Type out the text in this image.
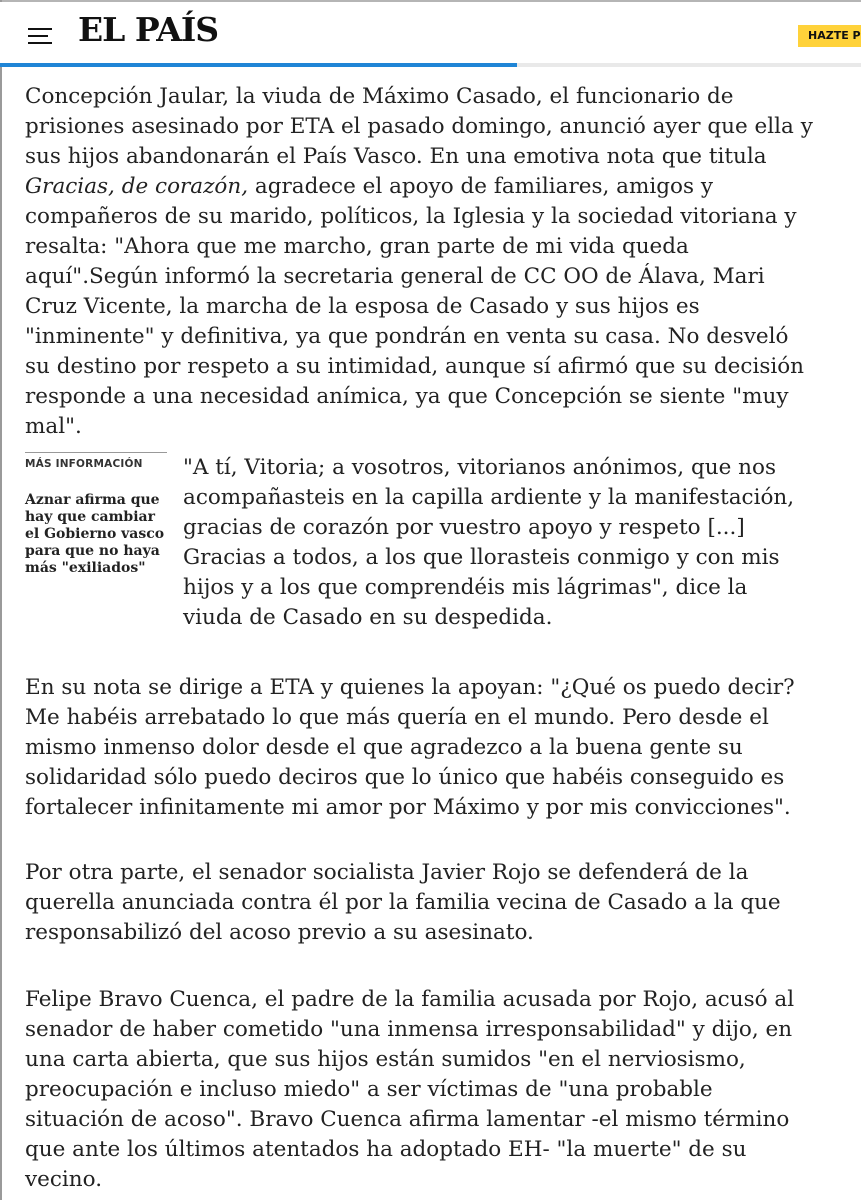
EL PAÍS	HAZTE P

Concepción Jaular, la viuda de Máximo Casado, el funcionario de prisiones asesinado por ETA el pasado domingo, anunció ayer que ella y sus hijos abandonarán el País Vasco. En una emotiva nota que titula Gracias, de corazón, agradece el apoyo de familiares, amigos y compañeros de su marido, políticos, la Iglesia y la sociedad vitoriana y resalta: "Ahora que me marcho, gran parte de mi vida queda aquí".Según informó la secretaria general de CC OO de Álava, Mari Cruz Vicente, la marcha de la esposa de Casado y sus hijos es "inminente" y definitiva, ya que pondrán en venta su casa. No desveló su destino por respeto a su intimidad, aunque sí afirmó que su decisión responde a una necesidad anímica, ya que Concepción se siente "muy mal".

MÁS INFORMACIÓN

Aznar afirma que hay que cambiar el Gobierno vasco para que no haya más "exiliados"

"A tí, Vitoria; a vosotros, vitorianos anónimos, que nos acompañasteis en la capilla ardiente y la manifestación, gracias de corazón por vuestro apoyo y respeto [...] Gracias a todos, a los que llorasteis conmigo y con mis hijos y a los que comprendéis mis lágrimas", dice la viuda de Casado en su despedida.

En su nota se dirige a ETA y quienes la apoyan: "¿Qué os puedo decir? Me habéis arrebatado lo que más quería en el mundo. Pero desde el mismo inmenso dolor desde el que agradezco a la buena gente su solidaridad sólo puedo deciros que lo único que habéis conseguido es fortalecer infinitamente mi amor por Máximo y por mis convicciones".

Por otra parte, el senador socialista Javier Rojo se defenderá de la querella anunciada contra él por la familia vecina de Casado a la que responsabilizó del acoso previo a su asesinato.

Felipe Bravo Cuenca, el padre de la familia acusada por Rojo, acusó al senador de haber cometido "una inmensa irresponsabilidad" y dijo, en una carta abierta, que sus hijos están sumidos "en el nerviosismo, preocupación e incluso miedo" a ser víctimas de "una probable situación de acoso". Bravo Cuenca afirma lamentar -el mismo término que ante los últimos atentados ha adoptado EH- "la muerte" de su vecino.
